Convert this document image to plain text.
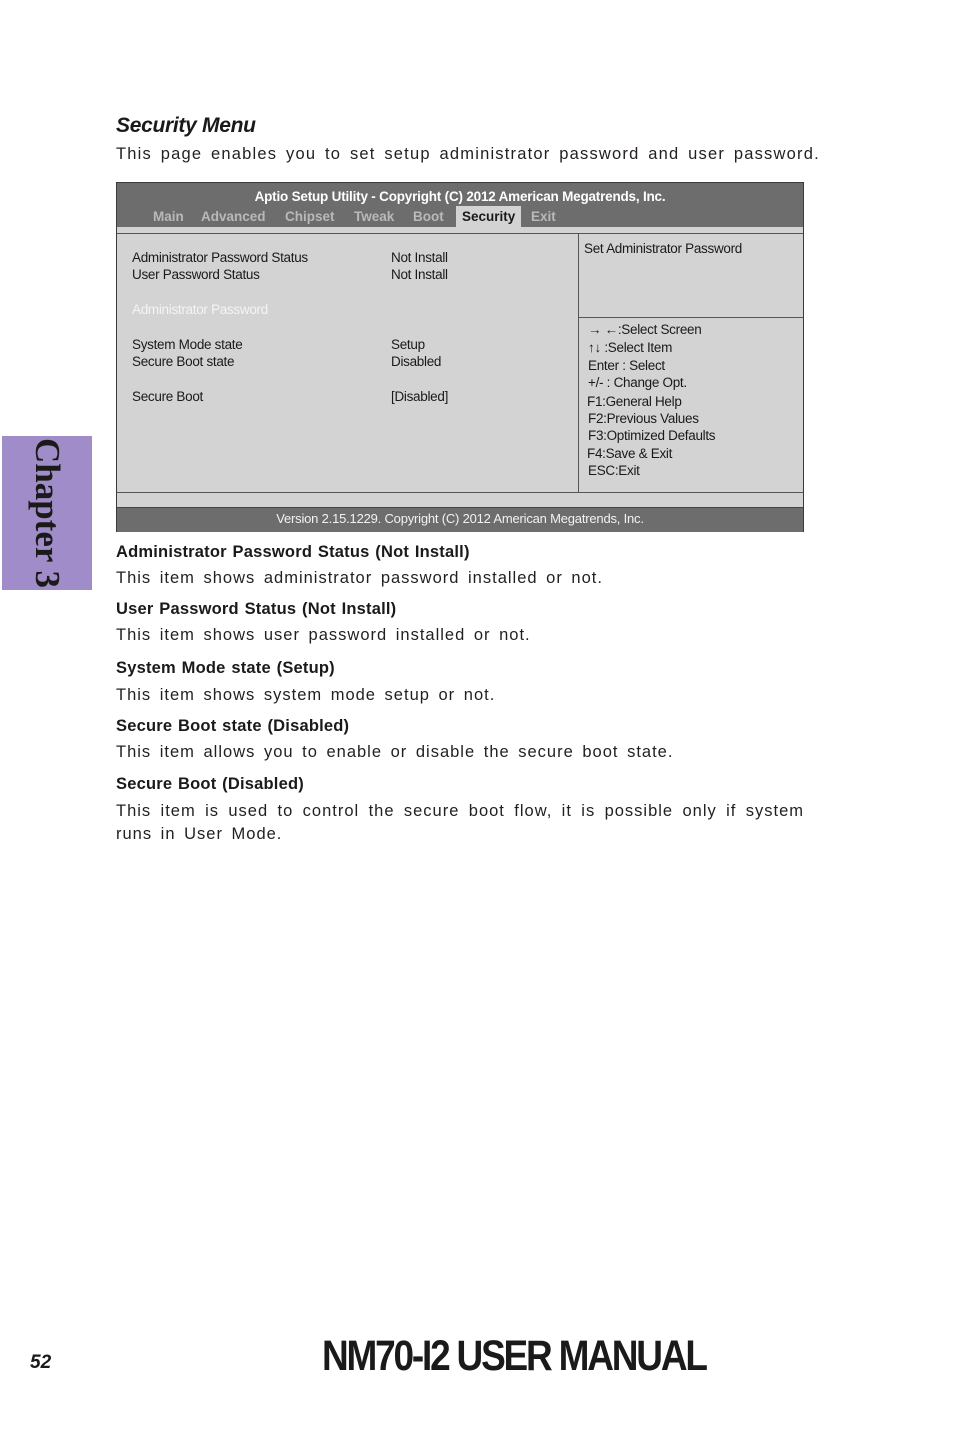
Security Menu
This page enables you to set setup administrator password and user password.
Aptio Setup Utility - Copyright (C) 2012 American Megatrends, Inc.
Main Advanced Chipset Tweak Boot	Security	Exit
Administrator Password Status	Not Install
User Password Status	Not Install
Administrator Password
System Mode state	Setup
Secure Boot state	Disabled
Secure Boot	[Disabled]
Set Administrator Password
→ ←:Select Screen
↑↓ :Select Item
Enter : Select
+/- : Change Opt.
F1:General Help
F2:Previous Values
F3:Optimized Defaults
F4:Save & Exit
ESC:Exit
Version 2.15.1229. Copyright (C) 2012 American Megatrends, Inc.
Administrator Password Status (Not Install)
This item shows administrator password installed or not.
User Password Status (Not Install)
This item shows user password installed or not.
System Mode state (Setup)
This item shows system mode setup or not.
Secure Boot state (Disabled)
This item allows you to enable or disable the secure boot state.
Secure Boot (Disabled)
This item is used to control the secure boot flow, it is possible only if system runs in User Mode.
Chapter 3
52	NM70-I2 USER MANUAL
